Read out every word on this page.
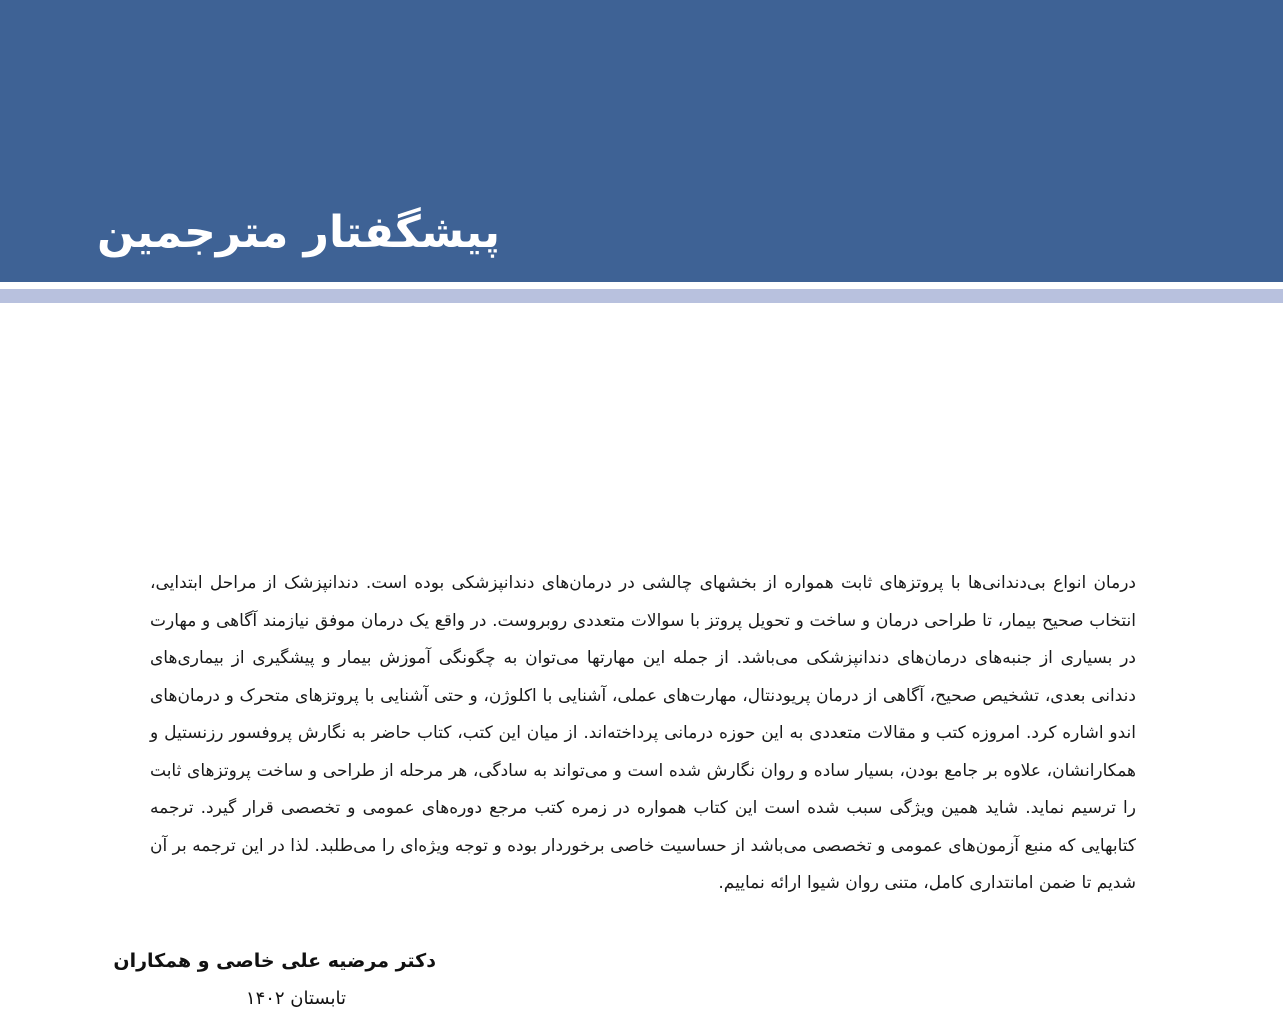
پیشگفتار مترجمین

درمان انواع بی‌دندانی‌ها با پروتزهای ثابت همواره از بخشهای چالشی در درمان‌های دندانپزشکی بوده است. دندانپزشک از مراحل ابتدایی، انتخاب صحیح بیمار، تا طراحی درمان و ساخت و تحویل پروتز با سوالات متعددی روبروست. در واقع یک درمان موفق نیازمند آگاهی و مهارت در بسیاری از جنبه‌های درمان‌های دندانپزشکی می‌باشد. از جمله این مهارتها می‌توان به چگونگی آموزش بیمار و پیشگیری از بیماری‌های دندانی بعدی، تشخیص صحیح، آگاهی از درمان پریودنتال، مهارت‌های عملی، آشنایی با اکلوژن، و حتی آشنایی با پروتزهای متحرک و درمان‌های اندو اشاره کرد. امروزه کتب و مقالات متعددی به این حوزه درمانی پرداخته‌اند. از میان این کتب، کتاب حاضر به نگارش پروفسور رزنستیل و همکارانشان، علاوه بر جامع بودن، بسیار ساده و روان نگارش شده است و می‌تواند به سادگی، هر مرحله از طراحی و ساخت پروتزهای ثابت را ترسیم نماید. شاید همین ویژگی سبب شده است این کتاب همواره در زمره کتب مرجع دوره‌های عمومی و تخصصی قرار گیرد. ترجمه کتابهایی که منبع آزمون‌های عمومی و تخصصی می‌باشد از حساسیت خاصی برخوردار بوده و توجه ویژه‌ای را می‌طلبد. لذا در این ترجمه بر آن شدیم تا ضمن امانتداری کامل، متنی روان شیوا ارائه نماییم.

دکتر مرضیه علی خاصی و همکاران
تابستان ۱۴۰۲
